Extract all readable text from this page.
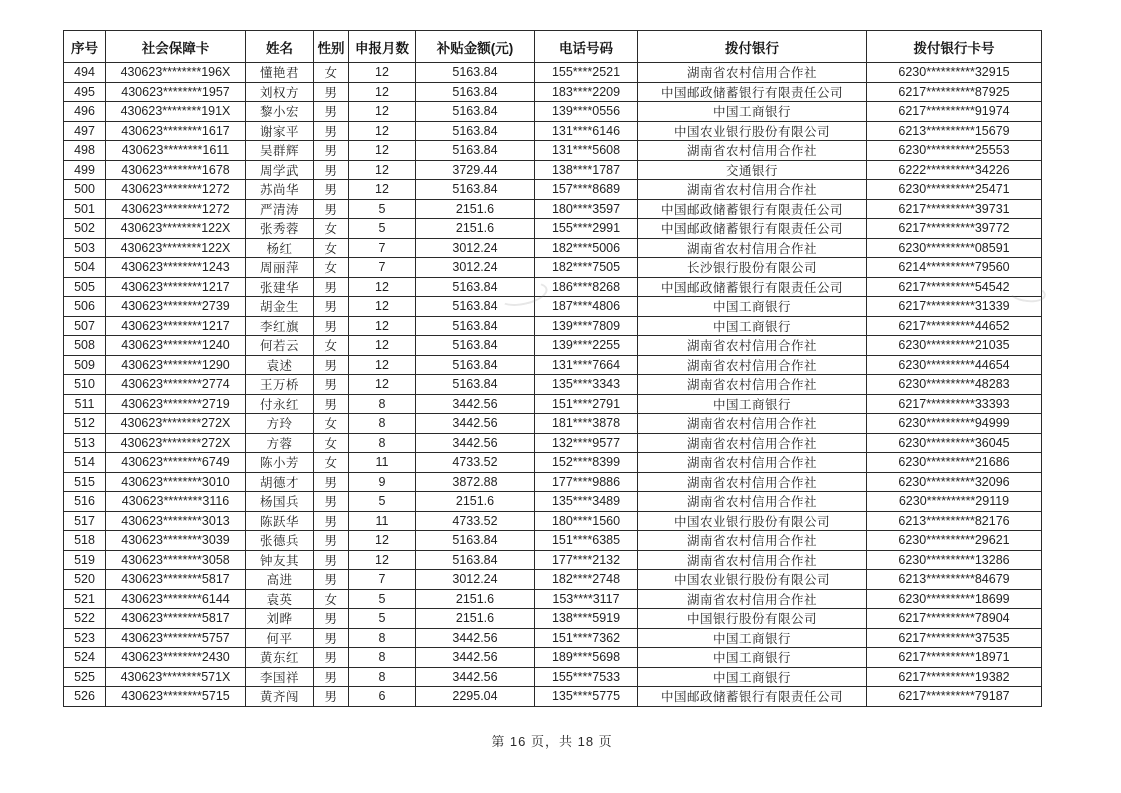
序号	社会保障卡	姓名	性别	申报月数	补贴金额(元)	电话号码	拨付银行	拨付银行卡号
494	430623********196X	懂艳君	女	12	5163.84	155****2521	湖南省农村信用合作社	6230**********32915
495	430623********1957	刘权方	男	12	5163.84	183****2209	中国邮政储蓄银行有限责任公司	6217**********87925
496	430623********191X	黎小宏	男	12	5163.84	139****0556	中国工商银行	6217**********91974
497	430623********1617	谢家平	男	12	5163.84	131****6146	中国农业银行股份有限公司	6213**********15679
498	430623********1611	吴群辉	男	12	5163.84	131****5608	湖南省农村信用合作社	6230**********25553
499	430623********1678	周学武	男	12	3729.44	138****1787	交通银行	6222**********34226
500	430623********1272	苏尚华	男	12	5163.84	157****8689	湖南省农村信用合作社	6230**********25471
501	430623********1272	严清涛	男	5	2151.6	180****3597	中国邮政储蓄银行有限责任公司	6217**********39731
502	430623********122X	张秀蓉	女	5	2151.6	155****2991	中国邮政储蓄银行有限责任公司	6217**********39772
503	430623********122X	杨红	女	7	3012.24	182****5006	湖南省农村信用合作社	6230**********08591
504	430623********1243	周丽萍	女	7	3012.24	182****7505	长沙银行股份有限公司	6214**********79560
505	430623********1217	张建华	男	12	5163.84	186****8268	中国邮政储蓄银行有限责任公司	6217**********54542
506	430623********2739	胡金生	男	12	5163.84	187****4806	中国工商银行	6217**********31339
507	430623********1217	李红旗	男	12	5163.84	139****7809	中国工商银行	6217**********44652
508	430623********1240	何若云	女	12	5163.84	139****2255	湖南省农村信用合作社	6230**********21035
509	430623********1290	袁述	男	12	5163.84	131****7664	湖南省农村信用合作社	6230**********44654
510	430623********2774	王万桥	男	12	5163.84	135****3343	湖南省农村信用合作社	6230**********48283
511	430623********2719	付永红	男	8	3442.56	151****2791	中国工商银行	6217**********33393
512	430623********272X	方玲	女	8	3442.56	181****3878	湖南省农村信用合作社	6230**********94999
513	430623********272X	方蓉	女	8	3442.56	132****9577	湖南省农村信用合作社	6230**********36045
514	430623********6749	陈小芳	女	11	4733.52	152****8399	湖南省农村信用合作社	6230**********21686
515	430623********3010	胡德才	男	9	3872.88	177****9886	湖南省农村信用合作社	6230**********32096
516	430623********3116	杨国兵	男	5	2151.6	135****3489	湖南省农村信用合作社	6230**********29119
517	430623********3013	陈跃华	男	11	4733.52	180****1560	中国农业银行股份有限公司	6213**********82176
518	430623********3039	张德兵	男	12	5163.84	151****6385	湖南省农村信用合作社	6230**********29621
519	430623********3058	钟友其	男	12	5163.84	177****2132	湖南省农村信用合作社	6230**********13286
520	430623********5817	高进	男	7	3012.24	182****2748	中国农业银行股份有限公司	6213**********84679
521	430623********6144	袁英	女	5	2151.6	153****3117	湖南省农村信用合作社	6230**********18699
522	430623********5817	刘晔	男	5	2151.6	138****5919	中国银行股份有限公司	6217**********78904
523	430623********5757	何平	男	8	3442.56	151****7362	中国工商银行	6217**********37535
524	430623********2430	黄东红	男	8	3442.56	189****5698	中国工商银行	6217**********18971
525	430623********571X	李国祥	男	8	3442.56	155****7533	中国工商银行	6217**********19382
526	430623********5715	黄齐闯	男	6	2295.04	135****5775	中国邮政储蓄银行有限责任公司	6217**********79187
第 16 页，共 18 页
